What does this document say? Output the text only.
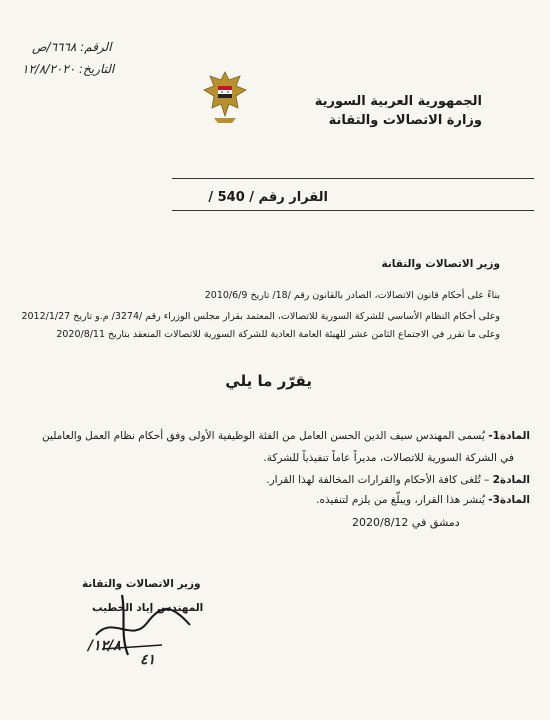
الرقم: ٦٦٦٨/ص
التاريخ: ١٢/٨/٢٠٢٠
الجمهورية العربية السورية
وزارة الاتصالات والتقانة
القرار رقم / 540 /
وزير الاتصالات والتقانة
بناءً على أحكام قانون الاتصالات، الصادر بالقانون رقم /18/ تاريخ 2010/6/9
وعلى أحكام النظام الأساسي للشركة السورية للاتصالات، المعتمد بقرار مجلس الوزراء رقم /3274/ م.و تاريخ 2012/1/27
وعلى ما تقرر في الاجتماع الثامن عشر للهيئة العامة العادية للشركة السورية للاتصالات المنعقد بتاريخ 2020/8/11
يقرّر ما يلي
المادة1- يُسمى المهندس سيف الدين الحسن العامل من الفئة الوظيفية الأولى وفق أحكام نظام العمل والعاملين
في الشركة السورية للاتصالات، مديراً عاماً تنفيذياً للشركة.
المادة2 – تُلغى كافة الأحكام والقرارات المخالفة لهذا القرار.
المادة3- يُنشر هذا القرار، ويبلّغ من يلزم لتنفيذه.
دمشق في 2020/8/12
وزير الاتصالات والتقانة
المهندس إياد الخطيب
١٢/٨/
٤١
